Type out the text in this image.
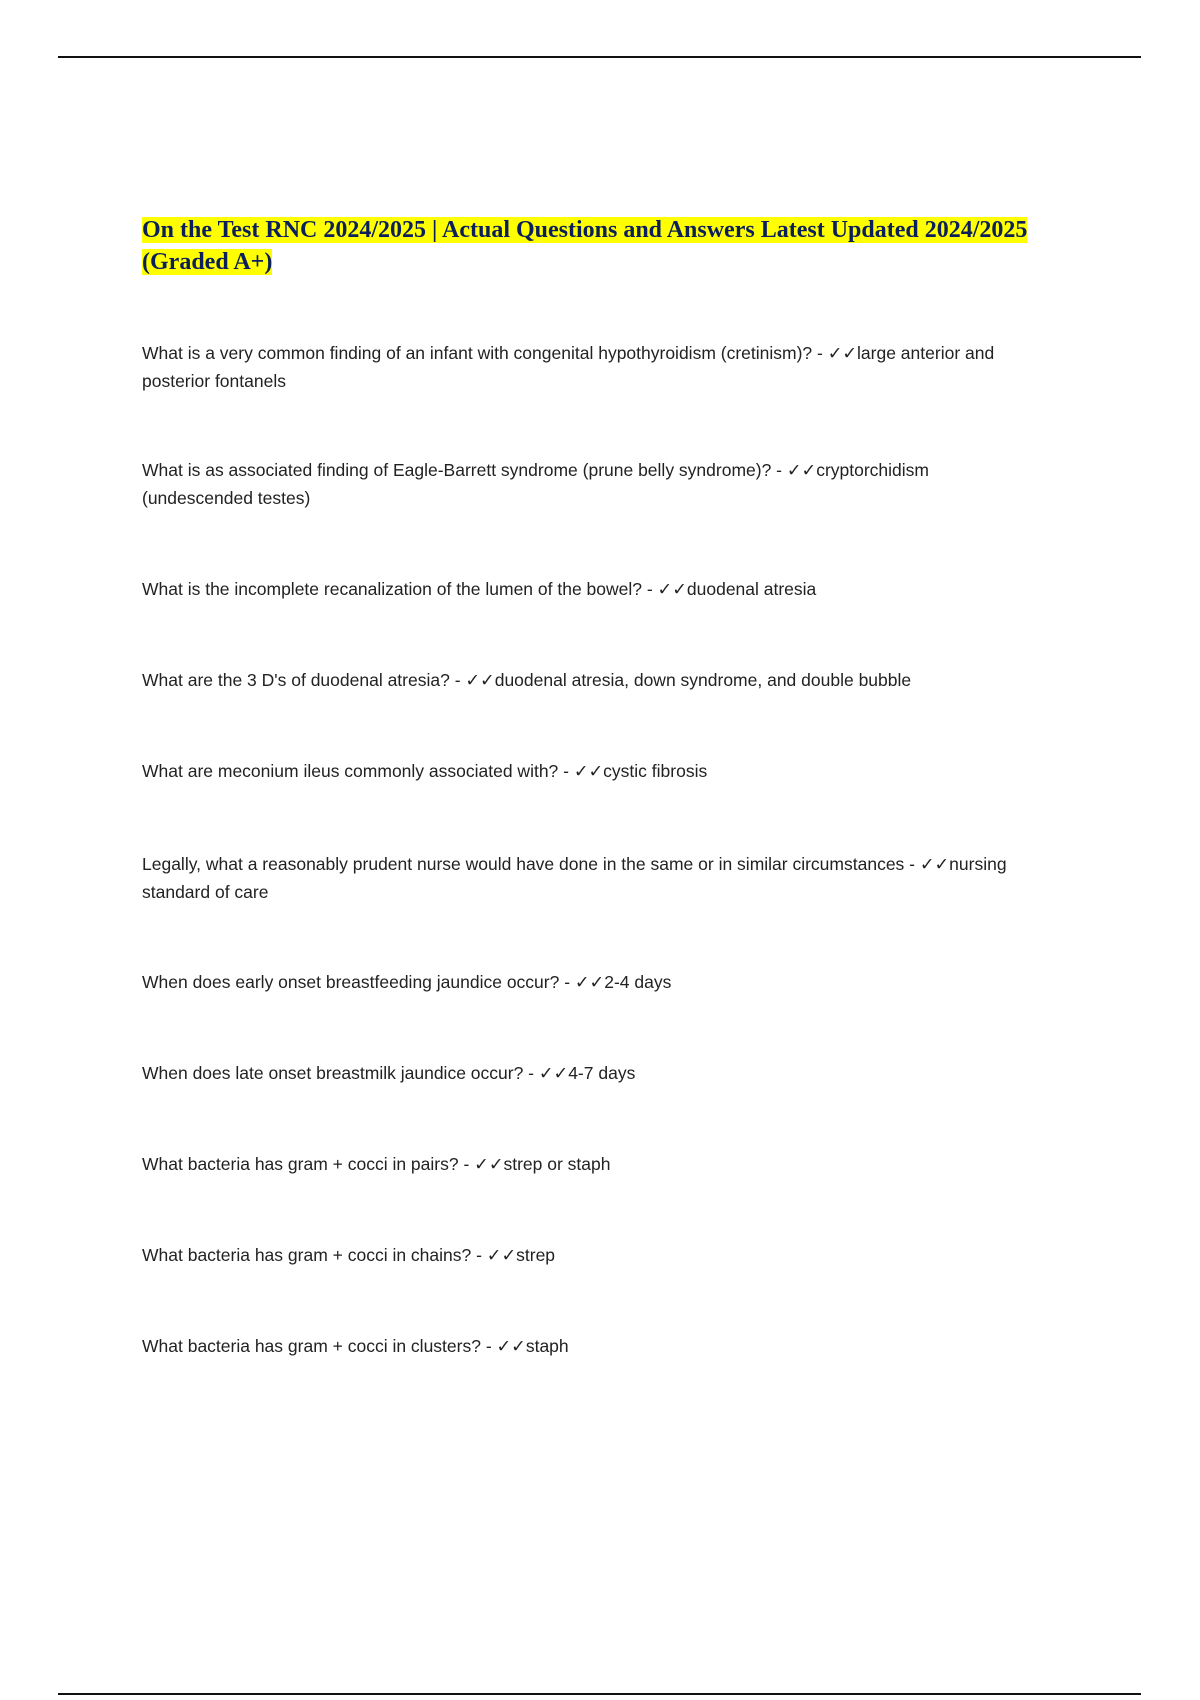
On the Test RNC 2024/2025 | Actual Questions and Answers Latest Updated 2024/2025 (Graded A+)

What is a very common finding of an infant with congenital hypothyroidism (cretinism)? - ✓✓large anterior and posterior fontanels

What is as associated finding of Eagle-Barrett syndrome (prune belly syndrome)? - ✓✓cryptorchidism (undescended testes)

What is the incomplete recanalization of the lumen of the bowel? - ✓✓duodenal atresia

What are the 3 D's of duodenal atresia? - ✓✓duodenal atresia, down syndrome, and double bubble

What are meconium ileus commonly associated with? - ✓✓cystic fibrosis

Legally, what a reasonably prudent nurse would have done in the same or in similar circumstances - ✓✓nursing standard of care

When does early onset breastfeeding jaundice occur? - ✓✓2-4 days

When does late onset breastmilk jaundice occur? - ✓✓4-7 days

What bacteria has gram + cocci in pairs? - ✓✓strep or staph

What bacteria has gram + cocci in chains? - ✓✓strep

What bacteria has gram + cocci in clusters? - ✓✓staph
